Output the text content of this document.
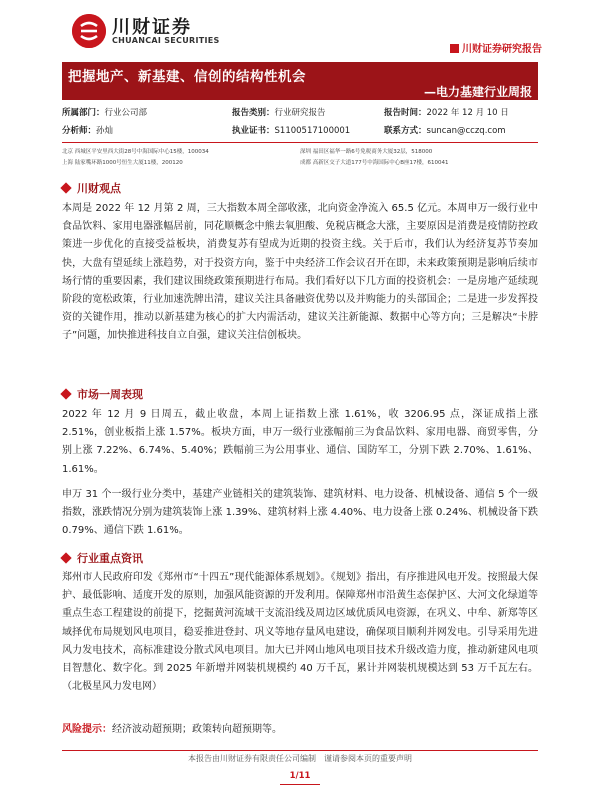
川财证券
CHUANCAI SECURITIES
川财证券研究报告
把握地产、新基建、信创的结构性机会
—电力基建行业周报
所属部门：行业公司部	报告类别：行业研究报告	报告时间：2022 年 12 月 10 日
分析师：孙灿	执业证书：S1100517100001	联系方式：suncan@cczq.com
北京 西城区平安里西大街28号中海国际中心15楼，100034	深圳 福田区福华一路6号免税商务大厦32层，518000
上海 陆家嘴环路1000号恒生大厦11楼，200120	成都 高新区交子大道177号中海国际中心B座17楼，610041
川财观点
本周是 2022 年 12 月第 2 周，三大指数本周全部收涨，北向资金净流入 65.5 亿元。本周申万一级行业中食品饮料、家用电器涨幅居前，同花顺概念中熊去氧胆酸、免税店概念大涨，主要原因是消费是疫情防控政策进一步优化的直接受益板块，消费复苏有望成为近期的投资主线。关于后市，我们认为经济复苏节奏加快，大盘有望延续上涨趋势，对于投资方向，鉴于中央经济工作会议召开在即，未来政策预期是影响后续市场行情的重要因素，我们建议围绕政策预期进行布局。我们看好以下几方面的投资机会：一是房地产延续现阶段的宽松政策，行业加速洗牌出清，建议关注具备融资优势以及并购能力的头部国企；二是进一步发挥投资的关键作用，推动以新基建为核心的扩大内需活动，建议关注新能源、数据中心等方向；三是解决“卡脖子”问题，加快推进科技自立自强，建议关注信创板块。
市场一周表现
2022 年 12 月 9 日周五，截止收盘，本周上证指数上涨 1.61%，收 3206.95 点，深证成指上涨 2.51%，创业板指上涨 1.57%。板块方面，申万一级行业涨幅前三为食品饮料、家用电器、商贸零售，分别上涨 7.22%、6.74%、5.40%；跌幅前三为公用事业、通信、国防军工，分别下跌 2.70%、1.61%、1.61%。
申万 31 个一级行业分类中，基建产业链相关的建筑装饰、建筑材料、电力设备、机械设备、通信 5 个一级指数，涨跌情况分别为建筑装饰上涨 1.39%、建筑材料上涨 4.40%、电力设备上涨 0.24%、机械设备下跌 0.79%、通信下跌 1.61%。
行业重点资讯
郑州市人民政府印发《郑州市“十四五”现代能源体系规划》。《规划》指出，有序推进风电开发。按照最大保护、最低影响、适度开发的原则，加强风能资源的开发利用。保障郑州市沿黄生态保护区、大河文化绿道等重点生态工程建设的前提下，挖掘黄河流域干支流沿线及周边区域优质风电资源，在巩义、中牟、新郑等区域择优布局规划风电项目，稳妥推进登封、巩义等地存量风电建设，确保项目顺利并网发电。引导采用先进风力发电技术，高标准建设分散式风电项目。加大已并网山地风电项目技术升级改造力度，推动新建风电项目智慧化、数字化。到 2025 年新增并网装机规模约 40 万千瓦，累计并网装机规模达到 53 万千瓦左右。（北极星风力发电网）
风险提示：经济波动超预期；政策转向超预期等。
本报告由川财证券有限责任公司编制　谨请参阅本页的重要声明
1/11
